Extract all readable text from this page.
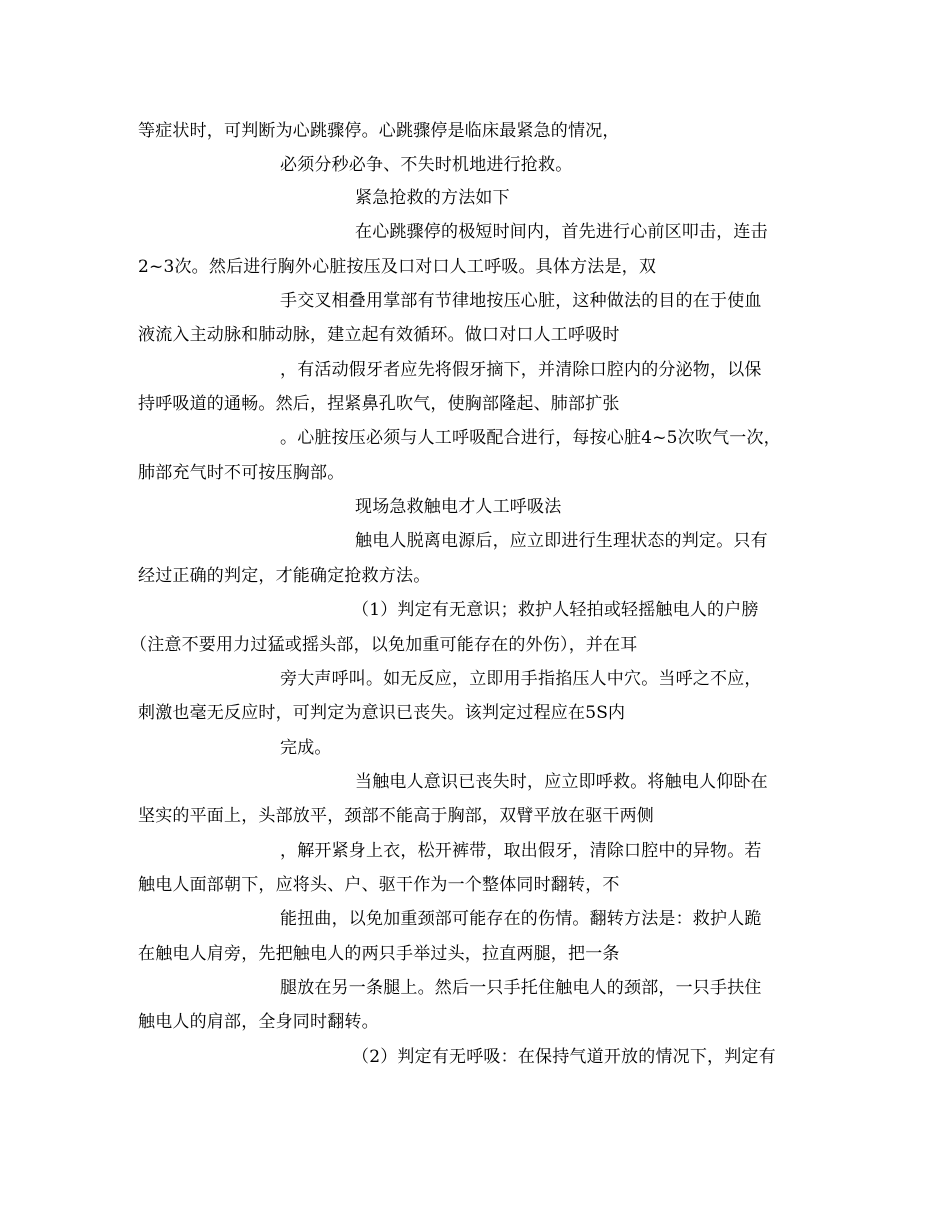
等症状时，可判断为心跳骤停。心跳骤停是临床最紧急的情况，
必须分秒必争、不失时机地进行抢救。
紧急抢救的方法如下
在心跳骤停的极短时间内，首先进行心前区叩击，连击
2~3次。然后进行胸外心脏按压及口对口人工呼吸。具体方法是，双
手交叉相叠用掌部有节律地按压心脏，这种做法的目的在于使血
液流入主动脉和肺动脉，建立起有效循环。做口对口人工呼吸时
，有活动假牙者应先将假牙摘下，并清除口腔内的分泌物，以保
持呼吸道的通畅。然后，捏紧鼻孔吹气，使胸部隆起、肺部扩张
。心脏按压必须与人工呼吸配合进行，每按心脏4~5次吹气一次，
肺部充气时不可按压胸部。
现场急救触电才人工呼吸法
触电人脱离电源后，应立即进行生理状态的判定。只有
经过正确的判定，才能确定抢救方法。
（1）判定有无意识；救护人轻拍或轻摇触电人的户膀
（注意不要用力过猛或摇头部，以免加重可能存在的外伤），并在耳
旁大声呼叫。如无反应，立即用手指掐压人中穴。当呼之不应，
刺激也毫无反应时，可判定为意识已丧失。该判定过程应在5S内
完成。
当触电人意识已丧失时，应立即呼救。将触电人仰卧在
坚实的平面上，头部放平，颈部不能高于胸部，双臂平放在驱干两侧
，解开紧身上衣，松开裤带，取出假牙，清除口腔中的异物。若
触电人面部朝下，应将头、户、驱干作为一个整体同时翻转，不
能扭曲，以免加重颈部可能存在的伤情。翻转方法是：救护人跪
在触电人肩旁，先把触电人的两只手举过头，拉直两腿，把一条
腿放在另一条腿上。然后一只手托住触电人的颈部，一只手扶住
触电人的肩部，全身同时翻转。
（2）判定有无呼吸：在保持气道开放的情况下，判定有
